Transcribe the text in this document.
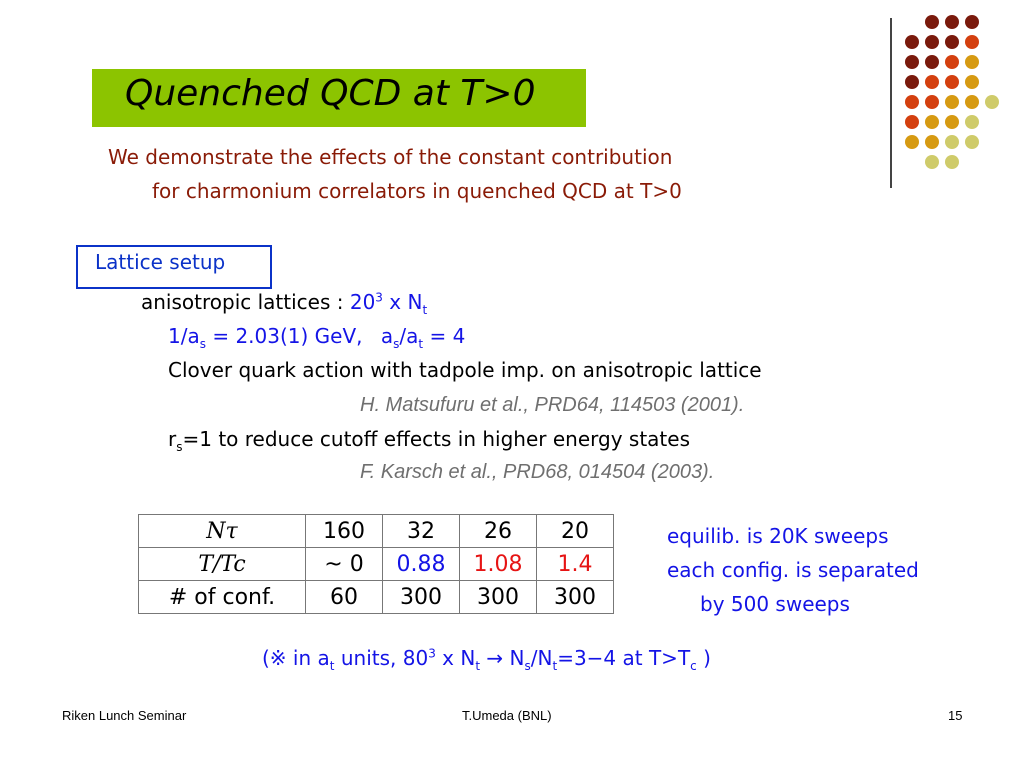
Quenched QCD at T>0
We demonstrate the effects of the constant contribution
for charmonium correlators in quenched QCD at T>0
Lattice setup
anisotropic lattices : $20^3$ x $N_t$
$1/a_s = 2.03(1)$ GeV, $a_s/a_t = 4$
Clover quark action with tadpole imp. on anisotropic lattice
H. Matsufuru et al., PRD64, 114503 (2001).
$r_s=1$ to reduce cutoff effects in higher energy states
F. Karsch et al., PRD68, 014504 (2003).
Nτ	160	32	26	20
T/Tc	~ 0	0.88	1.08	1.4
# of conf.	60	300	300	300
equilib. is 20K sweeps
each config. is separated
by 500 sweeps
(※ in $a_t$ units, $80^3$ x $N_t \to N_s/N_t=3-4$ at $T>T_c$ )
Riken Lunch Seminar	T.Umeda (BNL)	15
